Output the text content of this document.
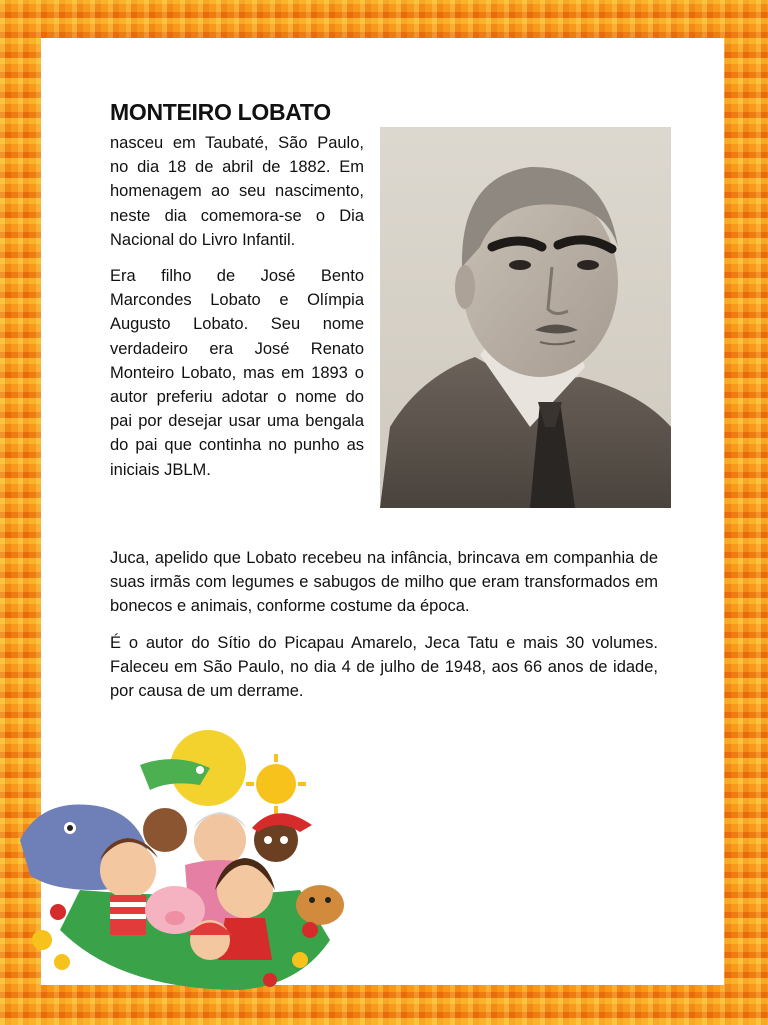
MONTEIRO LOBATO

nasceu em Taubaté, São Paulo, no dia 18 de abril de 1882. Em homenagem ao seu nascimento, neste dia comemora-se o Dia Nacional do Livro Infantil.

Era filho de José Bento Marcondes Lobato e Olímpia Augusto Lobato. Seu nome verdadeiro era José Renato Monteiro Lobato, mas em 1893 o autor preferiu adotar o nome do pai por desejar usar uma bengala do pai que continha no punho as iniciais JBLM.

Juca, apelido que Lobato recebeu na infância, brincava em companhia de suas irmãs com legumes e sabugos de milho que eram transformados em bonecos e animais, conforme costume da época.

É o autor do Sítio do Picapau Amarelo, Jeca Tatu e mais 30 volumes. Faleceu em São Paulo, no dia 4 de julho de 1948, aos 66 anos de idade, por causa de um derrame.
